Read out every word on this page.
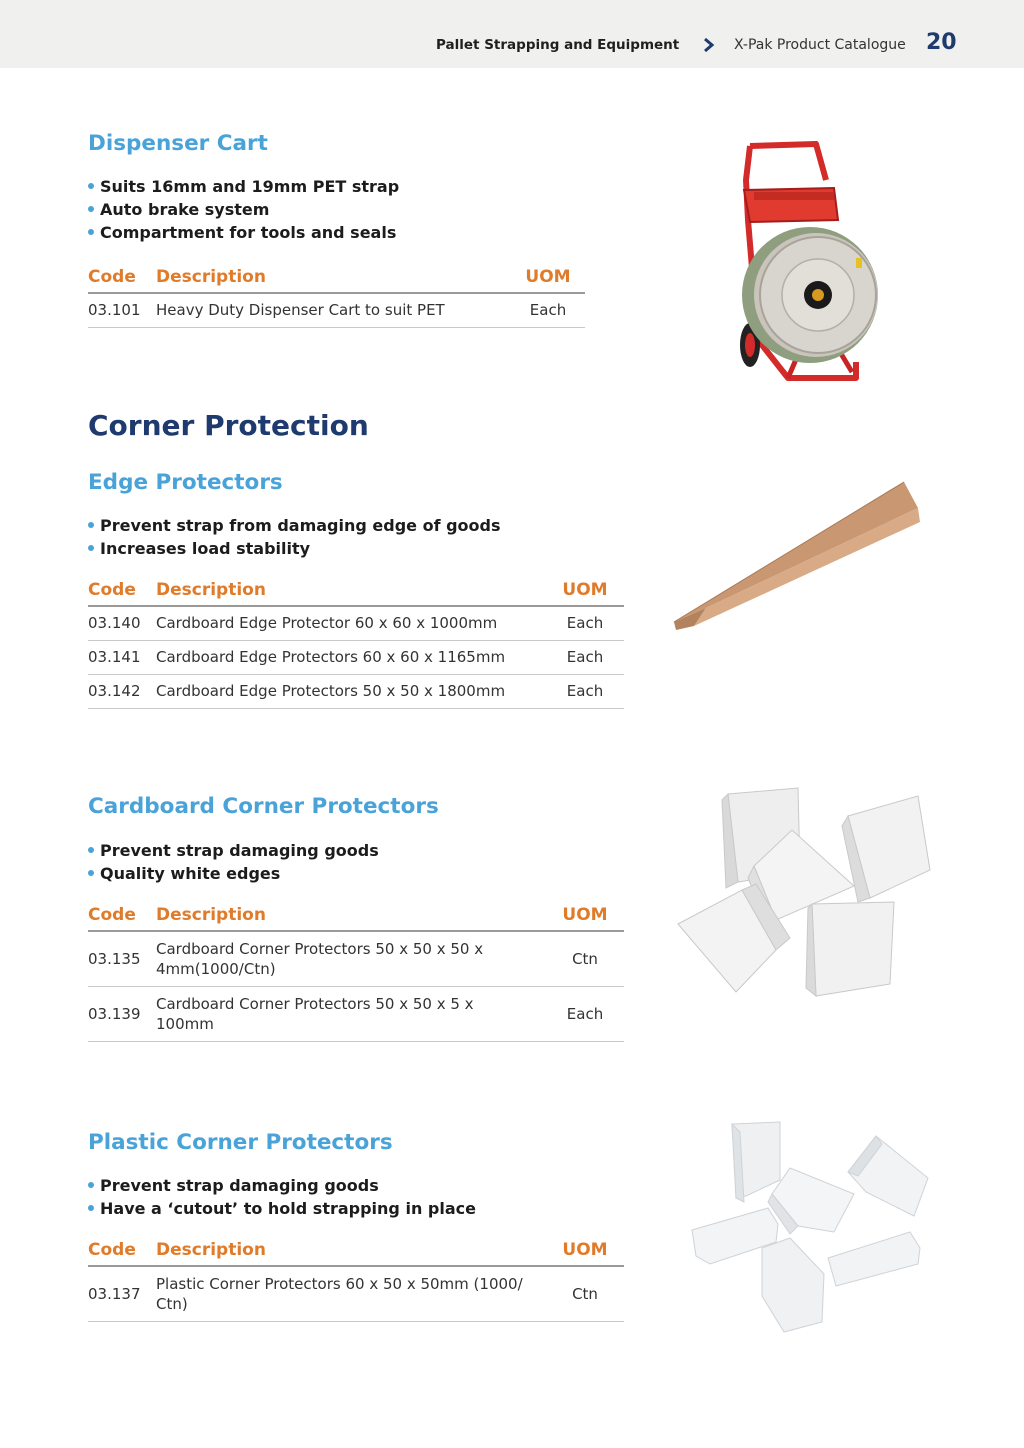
Pallet Strapping and Equipment	X-Pak Product Catalogue 20
Dispenser Cart
Suits 16mm and 19mm PET strap
Auto brake system
Compartment for tools and seals
Code	Description	UOM
03.101	Heavy Duty Dispenser Cart to suit PET	Each
Corner Protection
Edge Protectors
Prevent strap from damaging edge of goods
Increases load stability
Code	Description	UOM
03.140	Cardboard Edge Protector 60 x 60 x 1000mm	Each
03.141	Cardboard Edge Protectors 60 x 60 x 1165mm	Each
03.142	Cardboard Edge Protectors 50 x 50 x 1800mm	Each
Cardboard Corner Protectors
Prevent strap damaging goods
Quality white edges
Code	Description	UOM
03.135	Cardboard Corner Protectors 50 x 50 x 50 x 4mm(1000/Ctn)	Ctn
03.139	Cardboard Corner Protectors 50 x 50 x 5 x 100mm	Each
Plastic Corner Protectors
Prevent strap damaging goods
Have a ‘cutout’ to hold strapping in place
Code	Description	UOM
03.137	Plastic Corner Protectors 60 x 50 x 50mm (1000/ Ctn)	Ctn
